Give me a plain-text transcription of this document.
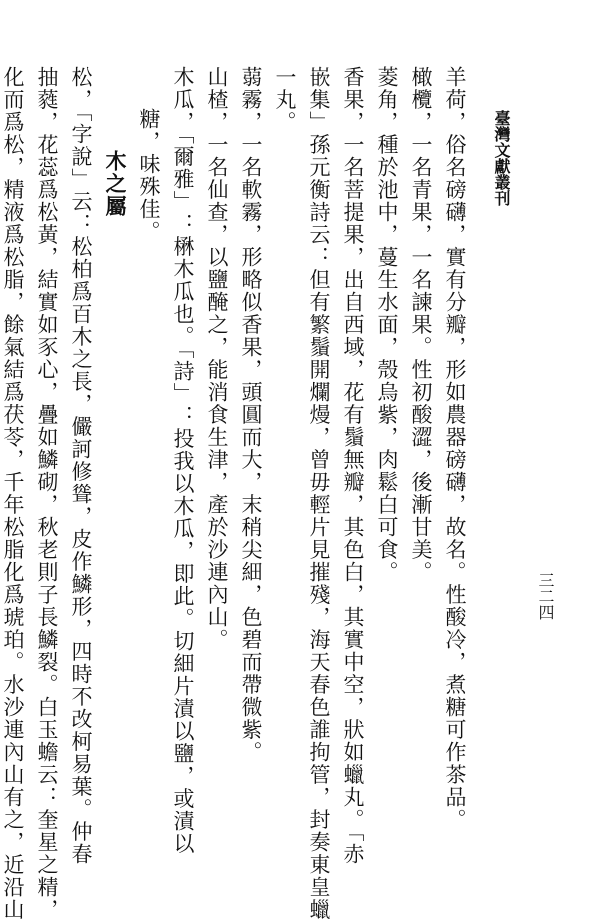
臺灣文獻叢刊
三二四
羊荷，俗名磅礴，實有分瓣，形如農器磅礴，故名。性酸冷，煮糖可作茶品。
橄欖，一名青果，一名諫果。性初酸澀，後漸甘美。
菱角，種於池中，蔓生水面，殼烏紫，肉鬆白可食。
香果，一名菩提果，出自西域，花有鬚無瓣，其色白，其實中空，狀如蠟丸。「赤
嵌集」孫元衡詩云：但有繁鬚開爛熳，曾毋輕片見摧殘，海天春色誰拘管，封奏東皇蠟
一丸。
蒻霧，一名軟霧，形略似香果，頭圓而大，末稍尖細，色碧而帶微紫。
山楂，一名仙查，以鹽醃之，能消食生津，產於沙連內山。
木瓜，「爾雅」：楙木瓜也。「詩」：投我以木瓜，即此。切細片漬以鹽，或漬以
糖，味殊佳。
木之屬
松，「字說」云：松柏爲百木之長，儼訶修聳，皮作鱗形，四時不改柯易葉。仲春
抽蕤，花蕊爲松黃，結實如豕心，疊如鱗砌，秋老則子長鱗裂。白玉蟾云：奎星之精，
化而爲松，精液爲松脂，餘氣結爲茯苓，千年松脂化爲琥珀。水沙連內山有之，近沿山
